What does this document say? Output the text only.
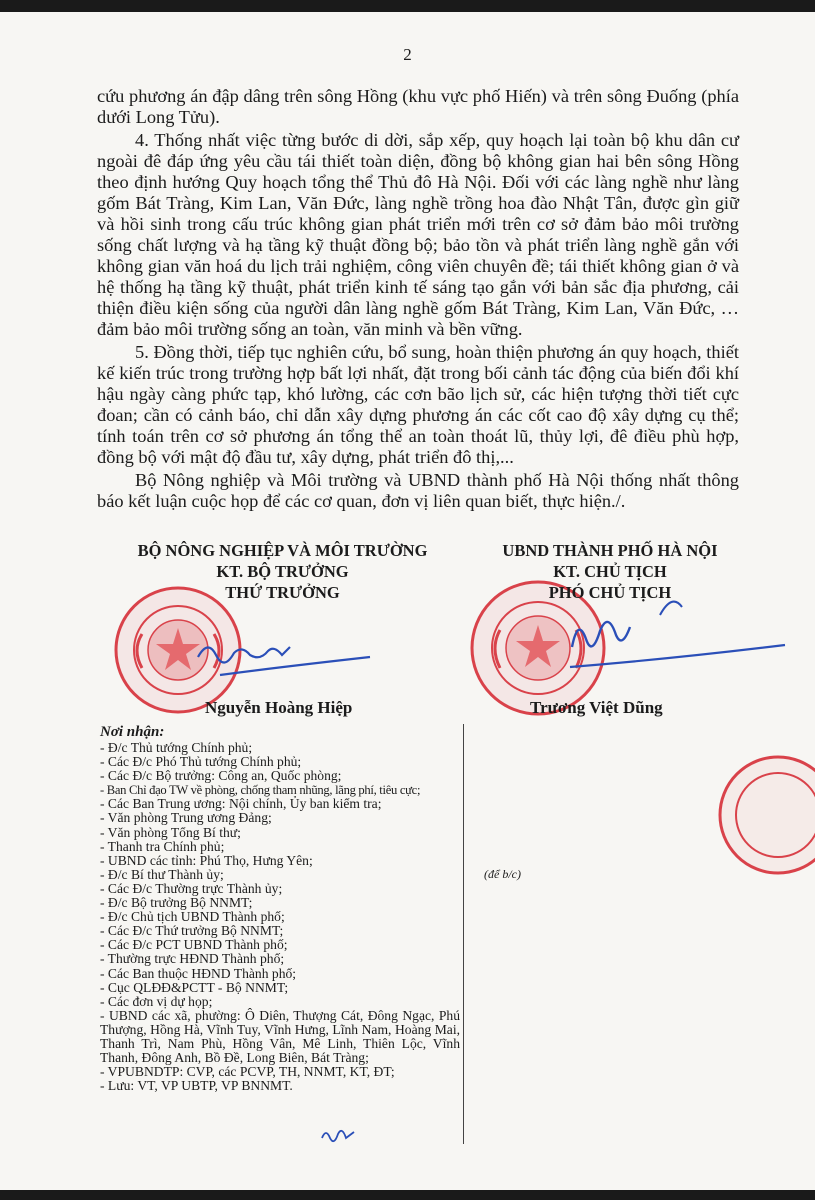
2

cứu phương án đập dâng trên sông Hồng (khu vực phố Hiến) và trên sông Đuống (phía dưới Long Tửu).

4. Thống nhất việc từng bước di dời, sắp xếp, quy hoạch lại toàn bộ khu dân cư ngoài đê đáp ứng yêu cầu tái thiết toàn diện, đồng bộ không gian hai bên sông Hồng theo định hướng Quy hoạch tổng thể Thủ đô Hà Nội. Đối với các làng nghề như làng gốm Bát Tràng, Kim Lan, Văn Đức, làng nghề trồng hoa đào Nhật Tân, được gìn giữ và hồi sinh trong cấu trúc không gian phát triển mới trên cơ sở đảm bảo môi trường sống chất lượng và hạ tầng kỹ thuật đồng bộ; bảo tồn và phát triển làng nghề gắn với không gian văn hoá du lịch trải nghiệm, công viên chuyên đề; tái thiết không gian ở và hệ thống hạ tầng kỹ thuật, phát triển kinh tế sáng tạo gắn với bản sắc địa phương, cải thiện điều kiện sống của người dân làng nghề gốm Bát Tràng, Kim Lan, Văn Đức, … đảm bảo môi trường sống an toàn, văn minh và bền vững.

5. Đồng thời, tiếp tục nghiên cứu, bổ sung, hoàn thiện phương án quy hoạch, thiết kế kiến trúc trong trường hợp bất lợi nhất, đặt trong bối cảnh tác động của biến đổi khí hậu ngày càng phức tạp, khó lường, các cơn bão lịch sử, các hiện tượng thời tiết cực đoan; cần có cảnh báo, chỉ dẫn xây dựng phương án các cốt cao độ xây dựng cụ thể; tính toán trên cơ sở phương án tổng thể an toàn thoát lũ, thủy lợi, đê điều phù hợp, đồng bộ với mật độ đầu tư, xây dựng, phát triển đô thị,...

Bộ Nông nghiệp và Môi trường và UBND thành phố Hà Nội thống nhất thông báo kết luận cuộc họp để các cơ quan, đơn vị liên quan biết, thực hiện./.

BỘ NÔNG NGHIỆP VÀ MÔI TRƯỜNG
KT. BỘ TRƯỞNG
THỨ TRƯỞNG
UBND THÀNH PHỐ HÀ NỘI
KT. CHỦ TỊCH
PHÓ CHỦ TỊCH
Nguyễn Hoàng Hiệp	Trương Việt Dũng
Nơi nhận:
- Đ/c Thủ tướng Chính phủ;
- Các Đ/c Phó Thủ tướng Chính phủ;
- Các Đ/c Bộ trưởng: Công an, Quốc phòng;
- Ban Chỉ đạo TW về phòng, chống tham nhũng, lãng phí, tiêu cực;
- Các Ban Trung ương: Nội chính, Ủy ban kiểm tra;
- Văn phòng Trung ương Đảng;
- Văn phòng Tổng Bí thư;
- Thanh tra Chính phủ;
- UBND các tỉnh: Phú Thọ, Hưng Yên;
- Đ/c Bí thư Thành ủy;
- Các Đ/c Thường trực Thành ủy;
- Đ/c Bộ trưởng Bộ NNMT;
- Đ/c Chủ tịch UBND Thành phố;
- Các Đ/c Thứ trưởng Bộ NNMT;
- Các Đ/c PCT UBND Thành phố;
- Thường trực HĐND Thành phố;
- Các Ban thuộc HĐND Thành phố;
- Cục QLĐĐ&PCTT - Bộ NNMT;
- Các đơn vị dự họp;
- UBND các xã, phường: Ô Diên, Thượng Cát, Đông Ngạc, Phú Thượng, Hồng Hà, Vĩnh Tuy, Vĩnh Hưng, Lĩnh Nam, Hoàng Mai, Thanh Trì, Nam Phù, Hồng Vân, Mê Linh, Thiên Lộc, Vĩnh Thanh, Đông Anh, Bồ Đề, Long Biên, Bát Tràng;
- VPUBNDTP: CVP, các PCVP, TH, NNMT, KT, ĐT;
- Lưu: VT, VP UBTP, VP BNNMT.
(để b/c)
